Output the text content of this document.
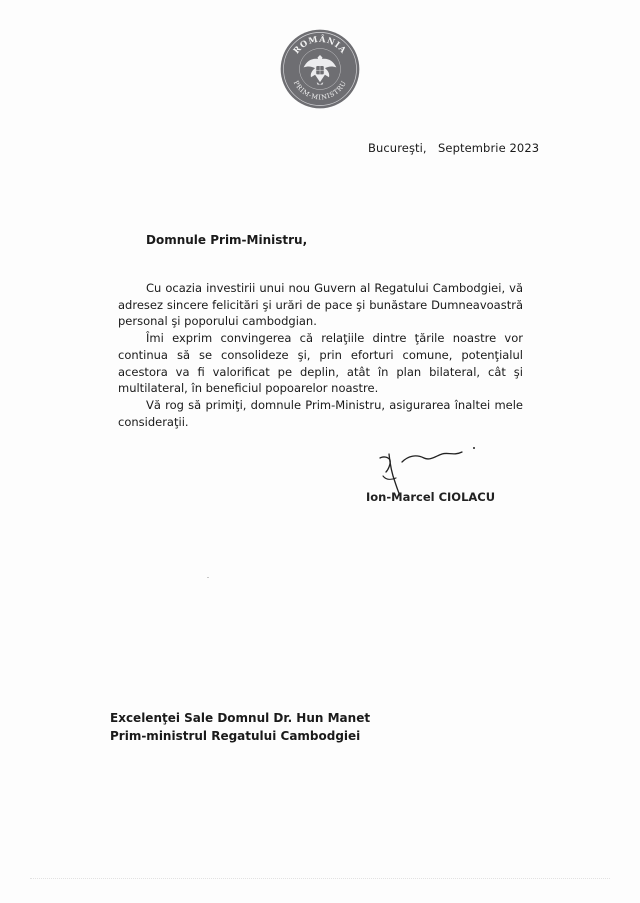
ROMÂNIA
PRIM-MINISTRU
Bucureşti, Septembrie 2023
Domnule Prim-Ministru,

Cu ocazia investirii unui nou Guvern al Regatului Cambodgiei, vă adresez sincere felicitări şi urări de pace şi bunăstare Dumneavoastră personal şi poporului cambodgian.

Îmi exprim convingerea că relaţiile dintre ţările noastre vor continua să se consolideze şi, prin eforturi comune, potenţialul acestora va fi valorificat pe deplin, atât în plan bilateral, cât şi multilateral, în beneficiul popoarelor noastre.

Vă rog să primiţi, domnule Prim-Ministru, asigurarea înaltei mele consideraţii.

Ion-Marcel CIOLACU
Excelenţei Sale Domnul Dr. Hun Manet
Prim-ministrul Regatului Cambodgiei
